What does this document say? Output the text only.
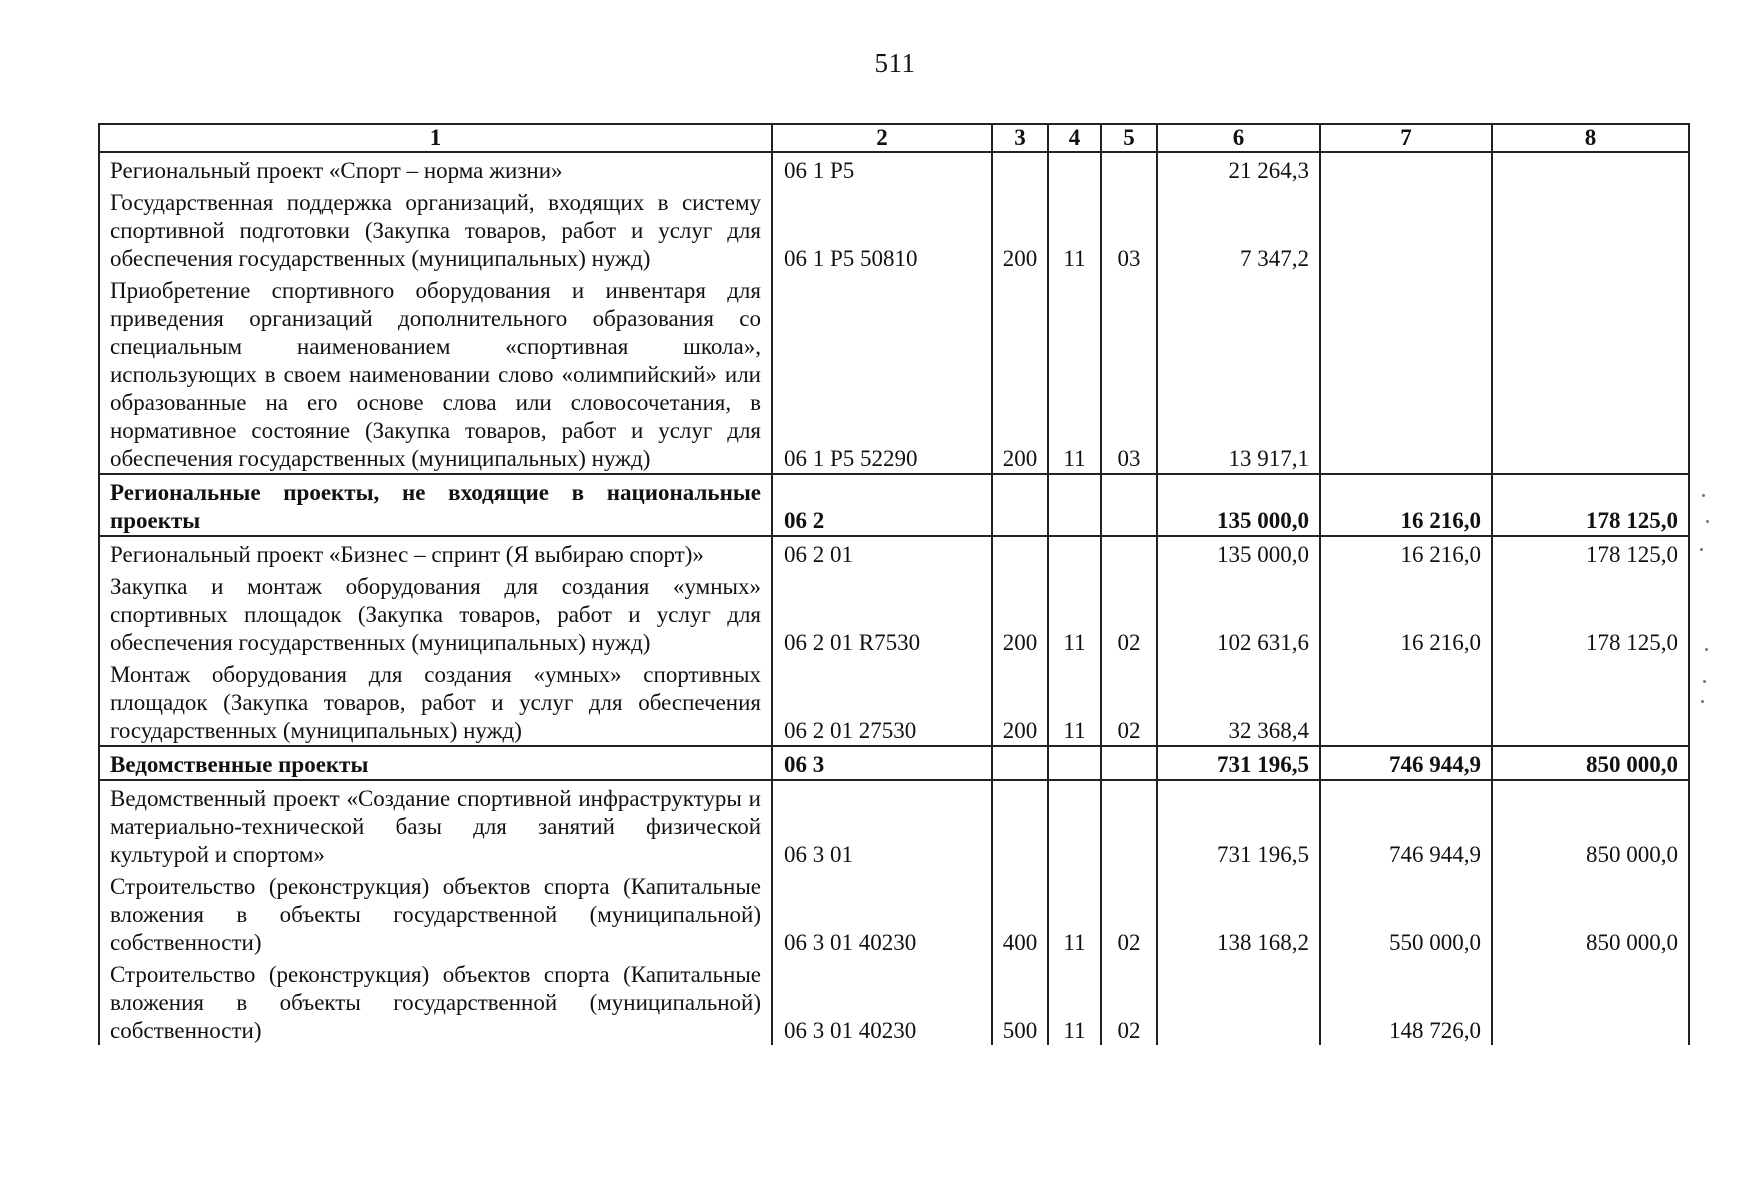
511
1	2	3	4	5	6	7	8
Региональный проект «Спорт – норма жизни»	06 1 P5				21 264,3		
Государственная поддержка организаций, входящих в систему спортивной подготовки (Закупка товаров, работ и услуг для обеспечения государственных (муниципальных) нужд)	06 1 P5 50810	200	11	03	7 347,2		
Приобретение спортивного оборудования и инвентаря для приведения организаций дополнительного образования со специальным наименованием «спортивная школа», использующих в своем наименовании слово «олимпийский» или образованные на его основе слова или словосочетания, в нормативное состояние (Закупка товаров, работ и услуг для обеспечения государственных (муниципальных) нужд)	06 1 P5 52290	200	11	03	13 917,1		
Региональные проекты, не входящие в национальные проекты	06 2				135 000,0	16 216,0	178 125,0
Региональный проект «Бизнес – спринт (Я выбираю спорт)»	06 2 01				135 000,0	16 216,0	178 125,0
Закупка и монтаж оборудования для создания «умных» спортивных площадок (Закупка товаров, работ и услуг для обеспечения государственных (муниципальных) нужд)	06 2 01 R7530	200	11	02	102 631,6	16 216,0	178 125,0
Монтаж оборудования для создания «умных» спортивных площадок (Закупка товаров, работ и услуг для обеспечения государственных (муниципальных) нужд)	06 2 01 27530	200	11	02	32 368,4		
Ведомственные проекты	06 3				731 196,5	746 944,9	850 000,0
Ведомственный проект «Создание спортивной инфраструктуры и материально-технической базы для занятий физической культурой и спортом»	06 3 01				731 196,5	746 944,9	850 000,0
Строительство (реконструкция) объектов спорта (Капитальные вложения в объекты государственной (муниципальной) собственности)	06 3 01 40230	400	11	02	138 168,2	550 000,0	850 000,0
Строительство (реконструкция) объектов спорта (Капитальные вложения в объекты государственной (муниципальной) собственности)	06 3 01 40230	500	11	02		148 726,0	
